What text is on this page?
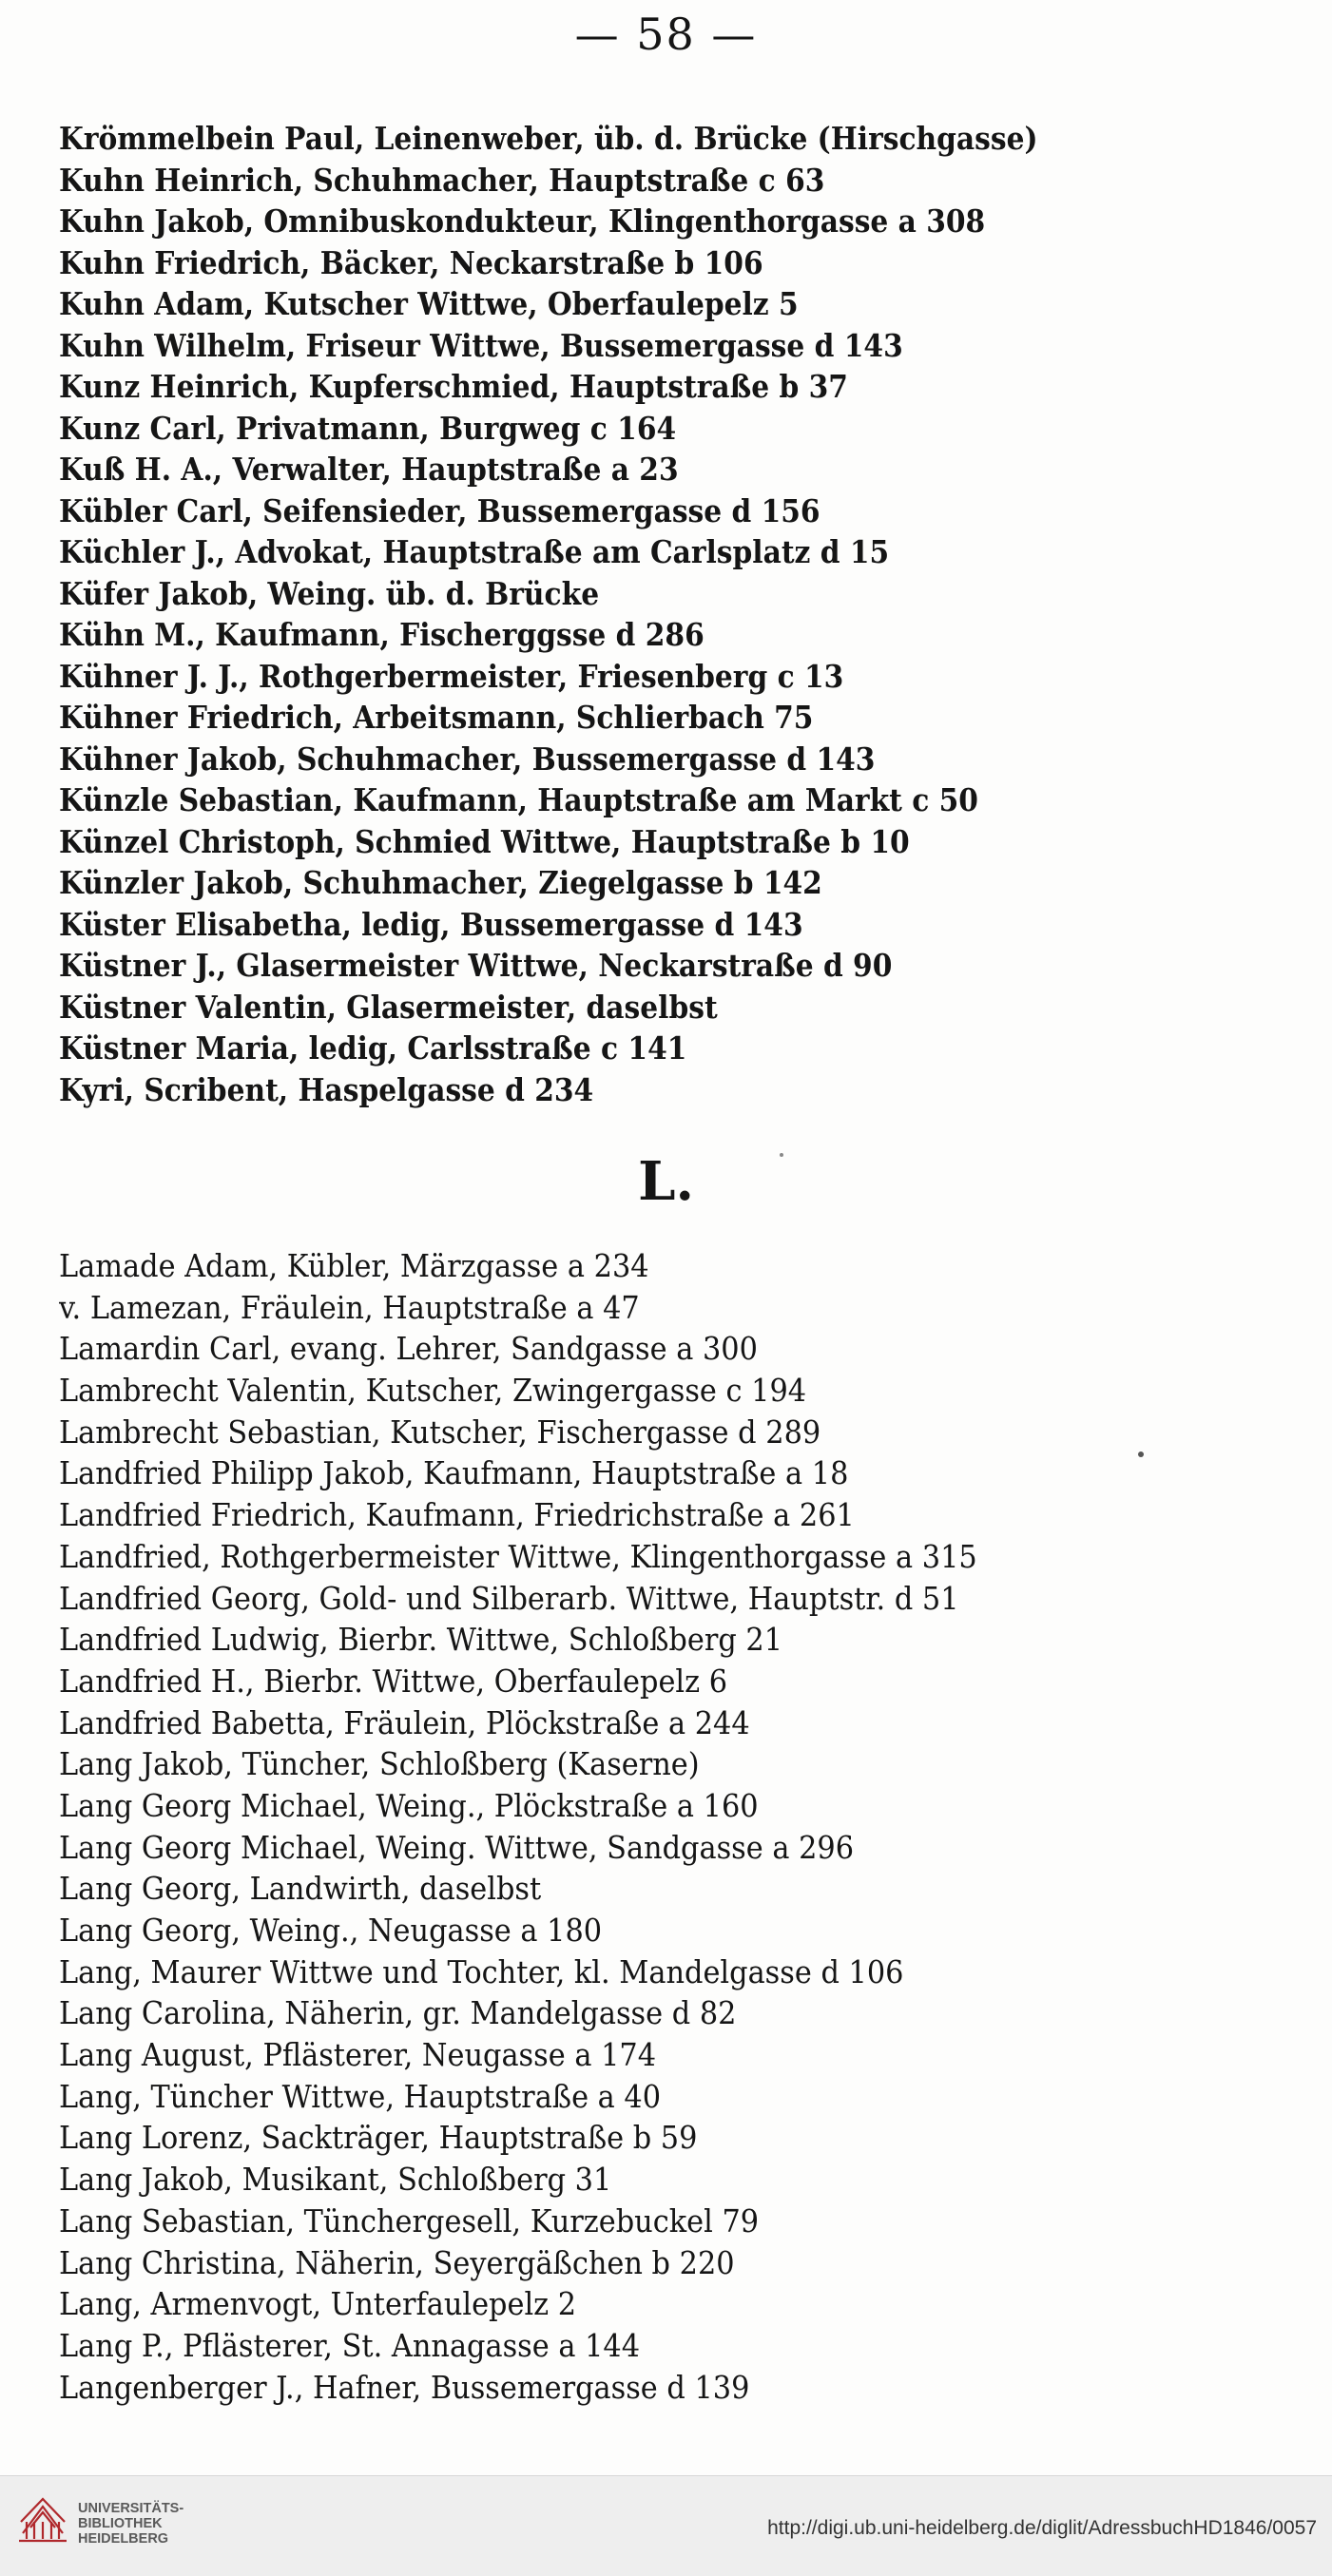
— 58 —
Krömmelbein Paul, Leinenweber, üb. d. Brücke (Hirschgasse)
Kuhn Heinrich, Schuhmacher, Hauptstraße c 63
Kuhn Jakob, Omnibuskondukteur, Klingenthorgasse a 308
Kuhn Friedrich, Bäcker, Neckarstraße b 106
Kuhn Adam, Kutscher Wittwe, Oberfaulepelz 5
Kuhn Wilhelm, Friseur Wittwe, Bussemergasse d 143
Kunz Heinrich, Kupferschmied, Hauptstraße b 37
Kunz Carl, Privatmann, Burgweg c 164
Kuß H. A., Verwalter, Hauptstraße a 23
Kübler Carl, Seifensieder, Bussemergasse d 156
Küchler J., Advokat, Hauptstraße am Carlsplatz d 15
Küfer Jakob, Weing. üb. d. Brücke
Kühn M., Kaufmann, Fischerggsse d 286
Kühner J. J., Rothgerbermeister, Friesenberg c 13
Kühner Friedrich, Arbeitsmann, Schlierbach 75
Kühner Jakob, Schuhmacher, Bussemergasse d 143
Künzle Sebastian, Kaufmann, Hauptstraße am Markt c 50
Künzel Christoph, Schmied Wittwe, Hauptstraße b 10
Künzler Jakob, Schuhmacher, Ziegelgasse b 142
Küster Elisabetha, ledig, Bussemergasse d 143
Küstner J., Glasermeister Wittwe, Neckarstraße d 90
Küstner Valentin, Glasermeister, daselbst
Küstner Maria, ledig, Carlsstraße c 141
Kyri, Scribent, Haspelgasse d 234
L.
Lamade Adam, Kübler, Märzgasse a 234
v. Lamezan, Fräulein, Hauptstraße a 47
Lamardin Carl, evang. Lehrer, Sandgasse a 300
Lambrecht Valentin, Kutscher, Zwingergasse c 194
Lambrecht Sebastian, Kutscher, Fischergasse d 289
Landfried Philipp Jakob, Kaufmann, Hauptstraße a 18
Landfried Friedrich, Kaufmann, Friedrichstraße a 261
Landfried, Rothgerbermeister Wittwe, Klingenthorgasse a 315
Landfried Georg, Gold- und Silberarb. Wittwe, Hauptstr. d 51
Landfried Ludwig, Bierbr. Wittwe, Schloßberg 21
Landfried H., Bierbr. Wittwe, Oberfaulepelz 6
Landfried Babetta, Fräulein, Plöckstraße a 244
Lang Jakob, Tüncher, Schloßberg (Kaserne)
Lang Georg Michael, Weing., Plöckstraße a 160
Lang Georg Michael, Weing. Wittwe, Sandgasse a 296
Lang Georg, Landwirth, daselbst
Lang Georg, Weing., Neugasse a 180
Lang, Maurer Wittwe und Tochter, kl. Mandelgasse d 106
Lang Carolina, Näherin, gr. Mandelgasse d 82
Lang August, Pflästerer, Neugasse a 174
Lang, Tüncher Wittwe, Hauptstraße a 40
Lang Lorenz, Sackträger, Hauptstraße b 59
Lang Jakob, Musikant, Schloßberg 31
Lang Sebastian, Tünchergesell, Kurzebuckel 79
Lang Christina, Näherin, Seyergäßchen b 220
Lang, Armenvogt, Unterfaulepelz 2
Lang P., Pflästerer, St. Annagasse a 144
Langenberger J., Hafner, Bussemergasse d 139
UNIVERSITÄTS-
BIBLIOTHEK
HEIDELBERG	http://digi.ub.uni-heidelberg.de/diglit/AdressbuchHD1846/0057
